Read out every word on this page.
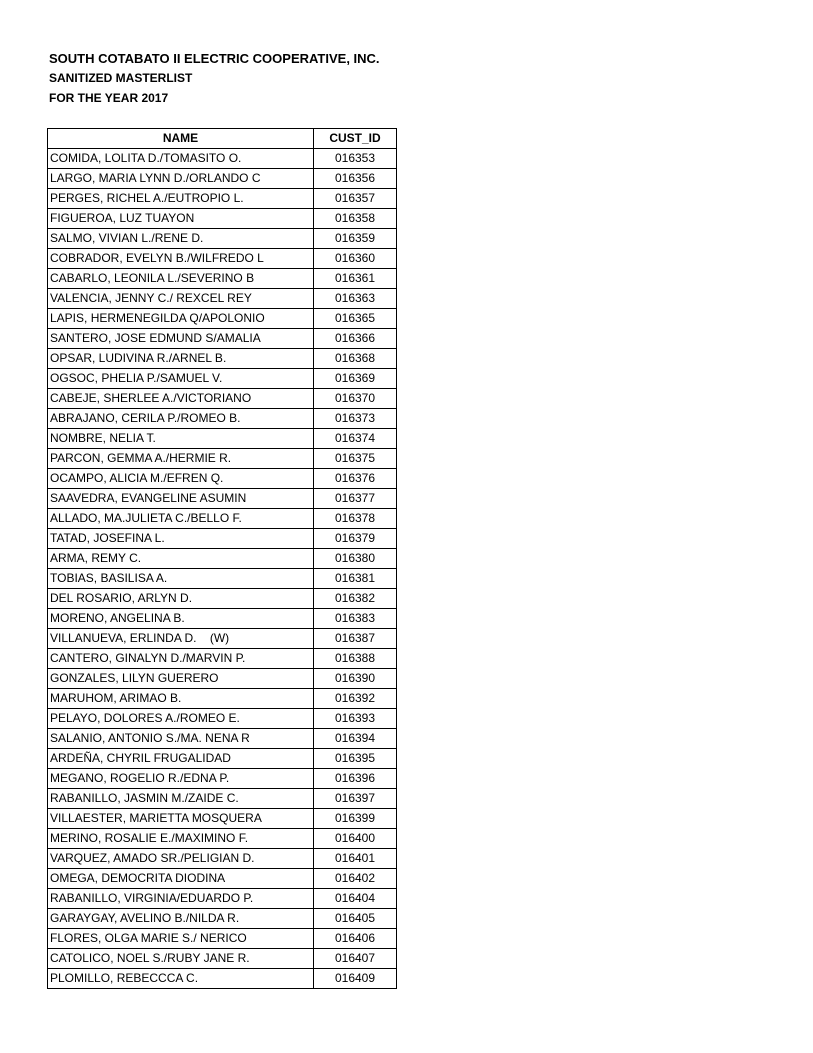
SOUTH COTABATO II ELECTRIC COOPERATIVE, INC.
SANITIZED MASTERLIST
FOR THE YEAR 2017
NAME	CUST_ID
COMIDA, LOLITA D./TOMASITO O.	016353
LARGO, MARIA LYNN D./ORLANDO C	016356
PERGES, RICHEL A./EUTROPIO L.	016357
FIGUEROA, LUZ TUAYON	016358
SALMO, VIVIAN L./RENE D.	016359
COBRADOR, EVELYN B./WILFREDO L	016360
CABARLO, LEONILA L./SEVERINO B	016361
VALENCIA, JENNY C./ REXCEL REY	016363
LAPIS, HERMENEGILDA Q/APOLONIO	016365
SANTERO, JOSE EDMUND S/AMALIA	016366
OPSAR, LUDIVINA R./ARNEL B.	016368
OGSOC, PHELIA P./SAMUEL V.	016369
CABEJE, SHERLEE A./VICTORIANO	016370
ABRAJANO, CERILA P./ROMEO B.	016373
NOMBRE, NELIA T.	016374
PARCON, GEMMA A./HERMIE R.	016375
OCAMPO, ALICIA M./EFREN Q.	016376
SAAVEDRA, EVANGELINE ASUMIN	016377
ALLADO, MA.JULIETA C./BELLO F.	016378
TATAD, JOSEFINA L.	016379
ARMA, REMY C.	016380
TOBIAS, BASILISA A.	016381
DEL ROSARIO, ARLYN D.	016382
MORENO, ANGELINA B.	016383
VILLANUEVA, ERLINDA D.    (W)	016387
CANTERO, GINALYN D./MARVIN P.	016388
GONZALES, LILYN GUERERO	016390
MARUHOM, ARIMAO B.	016392
PELAYO, DOLORES A./ROMEO E.	016393
SALANIO, ANTONIO S./MA. NENA R	016394
ARDEÑA, CHYRIL FRUGALIDAD	016395
MEGANO, ROGELIO R./EDNA P.	016396
RABANILLO, JASMIN M./ZAIDE C.	016397
VILLAESTER, MARIETTA MOSQUERA	016399
MERINO, ROSALIE E./MAXIMINO F.	016400
VARQUEZ, AMADO SR./PELIGIAN D.	016401
OMEGA, DEMOCRITA DIODINA	016402
RABANILLO, VIRGINIA/EDUARDO P.	016404
GARAYGAY, AVELINO B./NILDA R.	016405
FLORES, OLGA MARIE S./ NERICO	016406
CATOLICO, NOEL S./RUBY JANE R.	016407
PLOMILLO, REBECCCA C.	016409
